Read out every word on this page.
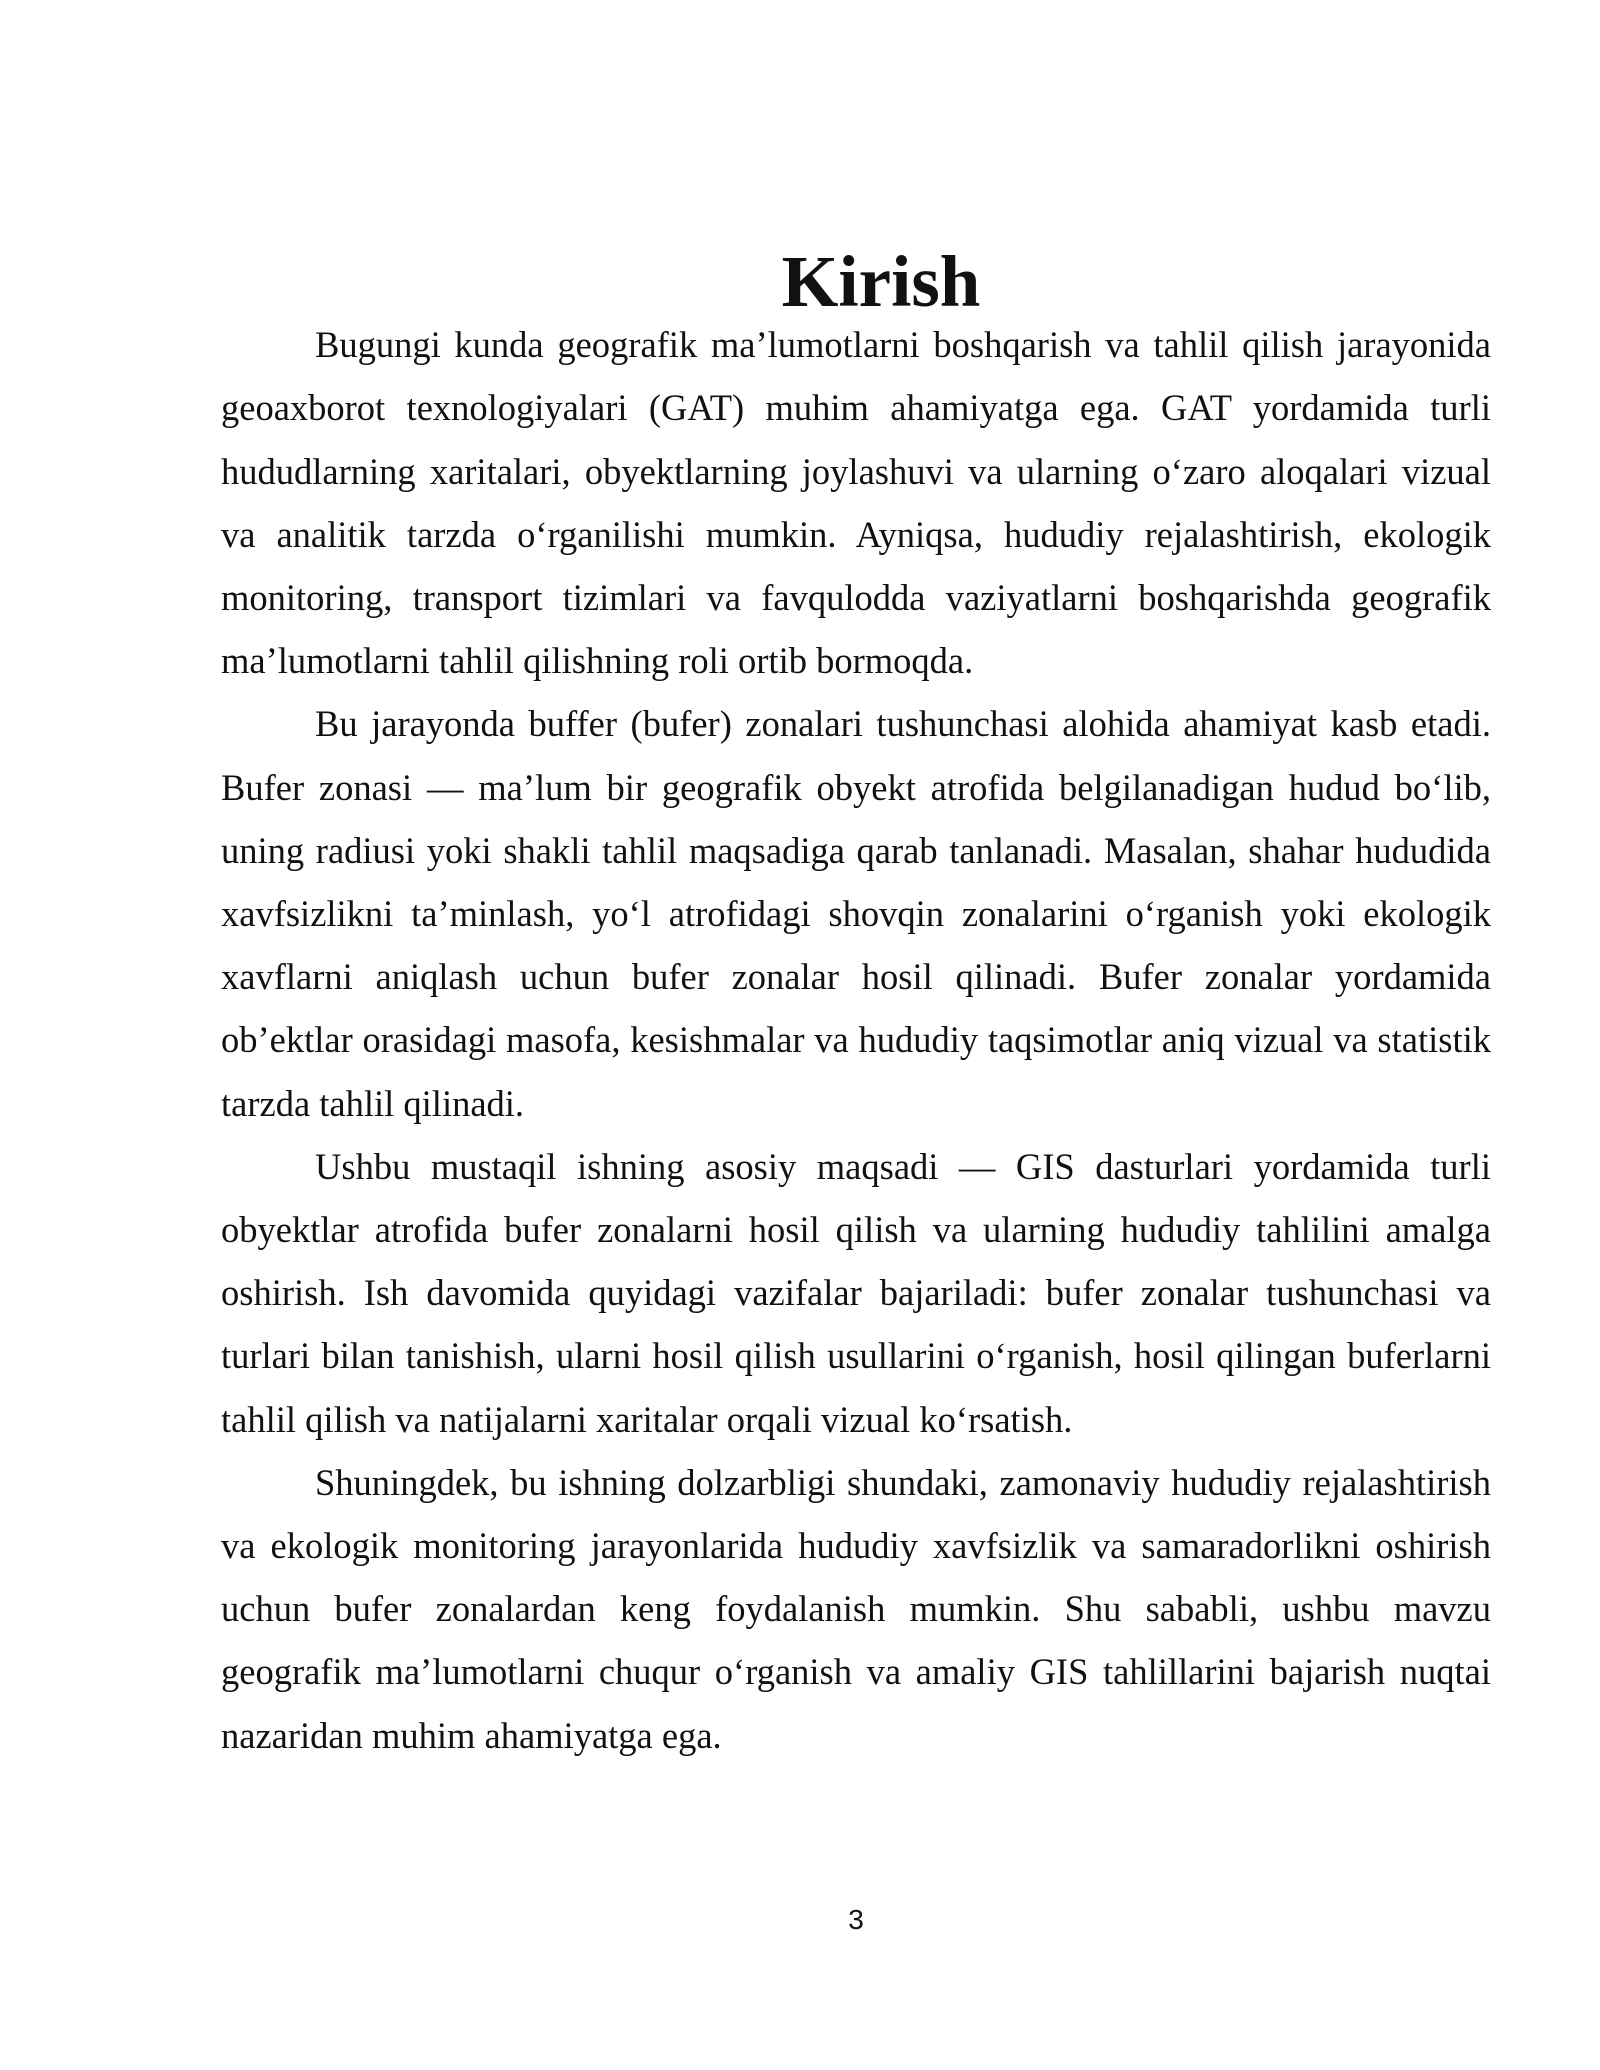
Kirish

Bugungi kunda geografik ma’lumotlarni boshqarish va tahlil qilish jarayonida geoaxborot texnologiyalari (GAT) muhim ahamiyatga ega. GAT yordamida turli hududlarning xaritalari, obyektlarning joylashuvi va ularning o‘zaro aloqalari vizual va analitik tarzda o‘rganilishi mumkin. Ayniqsa, hududiy rejalashtirish, ekologik monitoring, transport tizimlari va favqulodda vaziyatlarni boshqarishda geografik ma’lumotlarni tahlil qilishning roli ortib bormoqda.

Bu jarayonda buffer (bufer) zonalari tushunchasi alohida ahamiyat kasb etadi. Bufer zonasi — ma’lum bir geografik obyekt atrofida belgilanadigan hudud bo‘lib, uning radiusi yoki shakli tahlil maqsadiga qarab tanlanadi. Masalan, shahar hududida xavfsizlikni ta’minlash, yo‘l atrofidagi shovqin zonalarini o‘rganish yoki ekologik xavflarni aniqlash uchun bufer zonalar hosil qilinadi. Bufer zonalar yordamida ob’ektlar orasidagi masofa, kesishmalar va hududiy taqsimotlar aniq vizual va statistik tarzda tahlil qilinadi.

Ushbu mustaqil ishning asosiy maqsadi — GIS dasturlari yordamida turli obyektlar atrofida bufer zonalarni hosil qilish va ularning hududiy tahlilini amalga oshirish. Ish davomida quyidagi vazifalar bajariladi: bufer zonalar tushunchasi va turlari bilan tanishish, ularni hosil qilish usullarini o‘rganish, hosil qilingan buferlarni tahlil qilish va natijalarni xaritalar orqali vizual ko‘rsatish.

Shuningdek, bu ishning dolzarbligi shundaki, zamonaviy hududiy rejalashtirish va ekologik monitoring jarayonlarida hududiy xavfsizlik va samaradorlikni oshirish uchun bufer zonalardan keng foydalanish mumkin. Shu sababli, ushbu mavzu geografik ma’lumotlarni chuqur o‘rganish va amaliy GIS tahlillarini bajarish nuqtai nazaridan muhim ahamiyatga ega.

3
